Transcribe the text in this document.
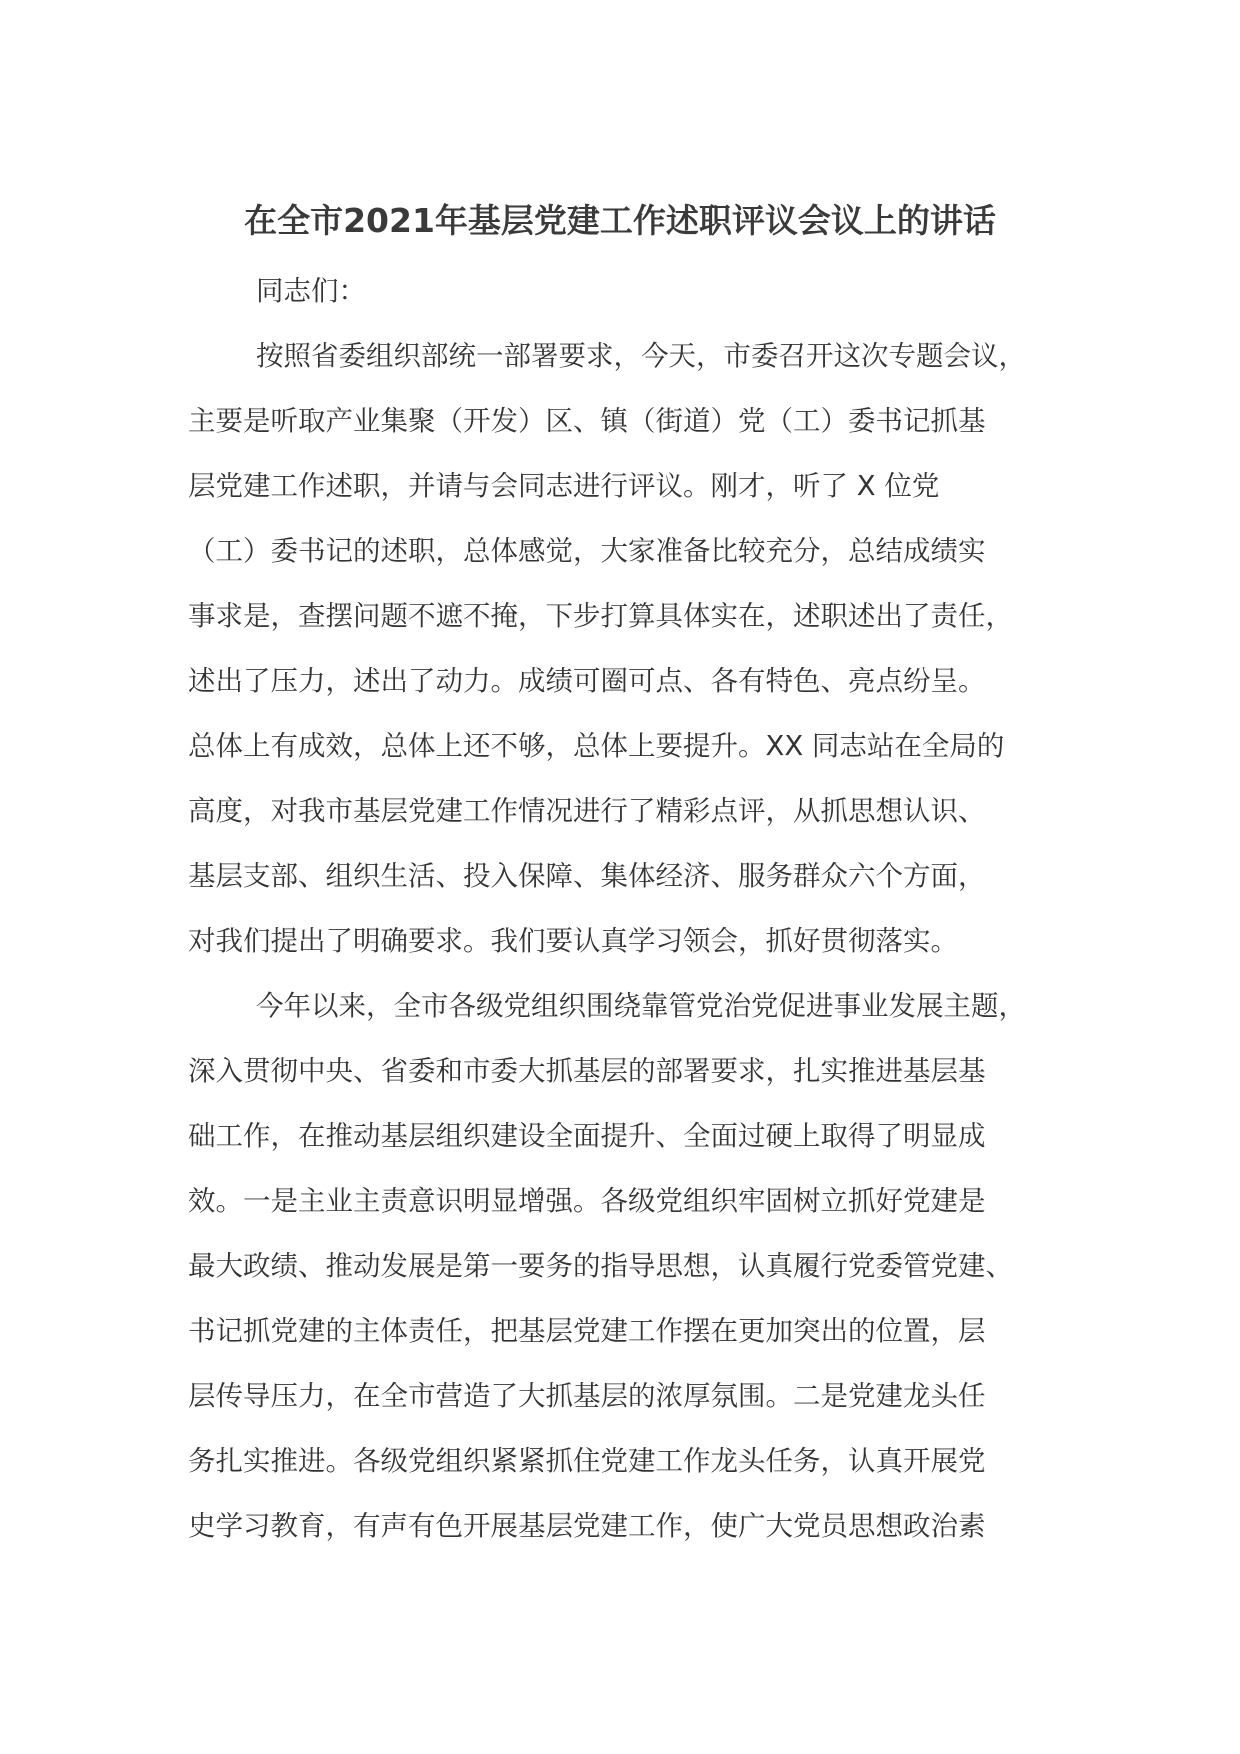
在全市2021年基层党建工作述职评议会议上的讲话
同志们：
按照省委组织部统一部署要求，今天，市委召开这次专题会议，
主要是听取产业集聚（开发）区、镇（街道）党（工）委书记抓基
层党建工作述职，并请与会同志进行评议。刚才，听了 X 位党
（工）委书记的述职，总体感觉，大家准备比较充分，总结成绩实
事求是，查摆问题不遮不掩，下步打算具体实在，述职述出了责任，
述出了压力，述出了动力。成绩可圈可点、各有特色、亮点纷呈。
总体上有成效，总体上还不够，总体上要提升。XX 同志站在全局的
高度，对我市基层党建工作情况进行了精彩点评，从抓思想认识、
基层支部、组织生活、投入保障、集体经济、服务群众六个方面，
对我们提出了明确要求。我们要认真学习领会，抓好贯彻落实。
今年以来，全市各级党组织围绕靠管党治党促进事业发展主题，
深入贯彻中央、省委和市委大抓基层的部署要求，扎实推进基层基
础工作，在推动基层组织建设全面提升、全面过硬上取得了明显成
效。一是主业主责意识明显增强。各级党组织牢固树立抓好党建是
最大政绩、推动发展是第一要务的指导思想，认真履行党委管党建、
书记抓党建的主体责任，把基层党建工作摆在更加突出的位置，层
层传导压力，在全市营造了大抓基层的浓厚氛围。二是党建龙头任
务扎实推进。各级党组织紧紧抓住党建工作龙头任务，认真开展党
史学习教育，有声有色开展基层党建工作，使广大党员思想政治素
